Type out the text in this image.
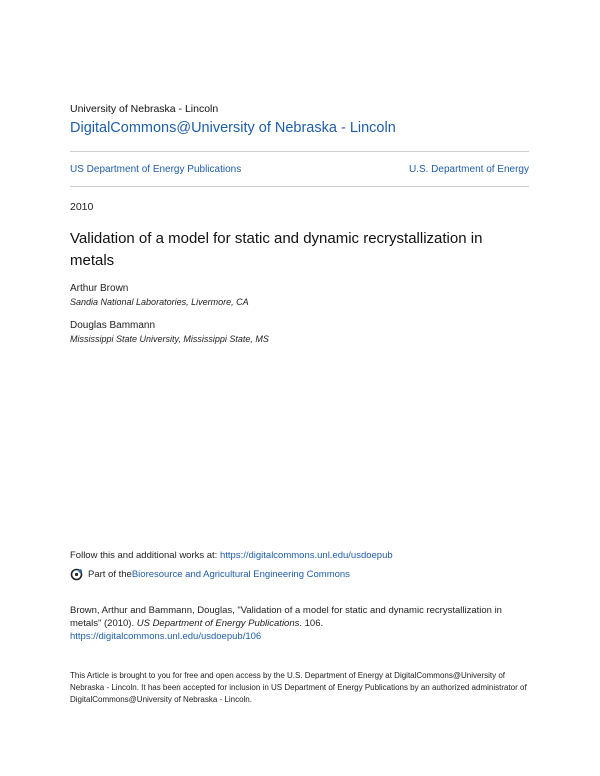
University of Nebraska - Lincoln
DigitalCommons@University of Nebraska - Lincoln
US Department of Energy Publications	U.S. Department of Energy
2010
Validation of a model for static and dynamic recrystallization in metals
Arthur Brown
Sandia National Laboratories, Livermore, CA
Douglas Bammann
Mississippi State University, Mississippi State, MS
Follow this and additional works at: https://digitalcommons.unl.edu/usdoepub
Part of the Bioresource and Agricultural Engineering Commons
Brown, Arthur and Bammann, Douglas, "Validation of a model for static and dynamic recrystallization in metals" (2010). US Department of Energy Publications. 106.
https://digitalcommons.unl.edu/usdoepub/106
This Article is brought to you for free and open access by the U.S. Department of Energy at DigitalCommons@University of Nebraska - Lincoln. It has been accepted for inclusion in US Department of Energy Publications by an authorized administrator of DigitalCommons@University of Nebraska - Lincoln.
